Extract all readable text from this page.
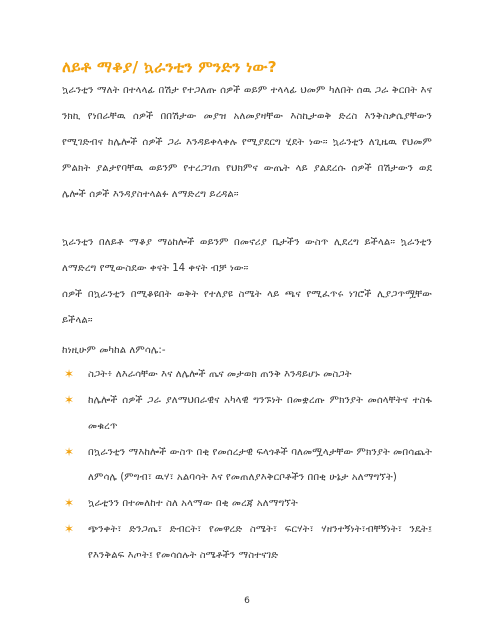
ለይቶ ማቆያ/ ኳራንቲን ምንድን ነው?
ኳራንቲን ማለት በተላላፊ በሽታ የተጋለጡ ሰዎች ወይም ተላላፊ ህመም ካለበት ሰዉ ጋራ ቅርበት እና ንክኪ የነበራቸዉ ሰዎች በበሽታው መያዝ አለመያዛቸው እስኪታወቅ ድረስ እንቅስቃሴያቸውን የሚገድብና ከሌሎች ሰዎች ጋራ እንዳይቀላቀሉ የሚያደርግ ሂደት ነው። ኳራንቲን ለጊዜዉ የህመም ምልክት ያልታየባቸዉ ወይንም የተረጋገጠ የህክምና ውጤት ላይ ያልደረሱ ሰዎች በሽታውን ወደ ሌሎች ሰዎች እንዳያስተላልፉ ለማድረግ ይረዳል።
ኳራንቲን በለይቶ ማቆያ ማዕከሎች ወይንም በመኖሪያ ቤታችን ውስጥ ሊደረግ ይችላል። ኳራንቲን ለማድረግ የሚውስደው ቀናት 14 ቀናት ብቻ ነው።
ሰዎች በኳራንቲን በሚቆዩበት ወቅት የተለያዩ ስሜት ላይ ጫና የሚፈጥሩ ነገሮች ሊያጋጥሟቸው ይችላል።
ከነዚሁም መካከል ለምሳሌ:-
✶ ስጋት፥ ለእራሳቸው እና ለሌሎች ጤና መታወክ ጠንቅ እንዳይሆኑ መስጋት
✶ ከሌሎች ሰዎች ጋራ ያለማህበራዊና አካላዊ ግንኙነት በመቋረጡ ምክንያት መሰላቸትና ተስፋ መቁረጥ
✶ በኳራንቲን ማእከሎች ውስጥ በቂ የመሰረታዊ ፍላጎቶች ባለመሟላታቸው ምክንያት መበሳጨት ለምሳሌ (ምግብ፣ ዉሃ፣ አልባሳት እና የመጠለያእቅርቦቶችን በበቂ ሁኔታ አለማግኘት)
✶ ኳራቲንን በተመለከተ ስለ አላማው በቂ መረጃ አለማግኘት
✶ ጭንቀት፣ ድንጋጤ፣ ድብርት፣ የመዋረድ ስሜት፣ ፍርሃት፣ ሃዘንተኝነት፣ብቸኝነት፣ ንዴት፤ የእንቅልፍ እጦት፤ የመሳሰሉት ስሜቶችን ማስተናገድ
6
